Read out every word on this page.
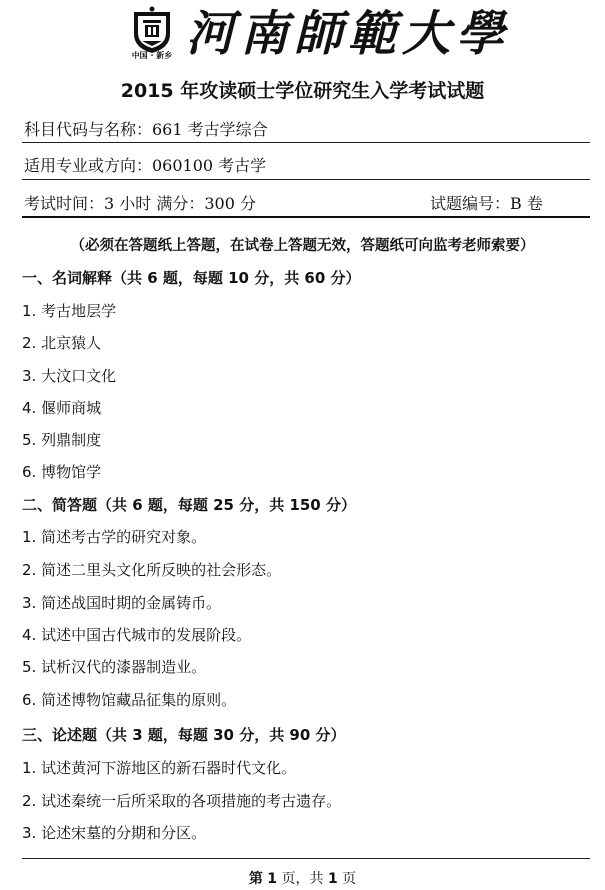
中国 · 新乡 河南師範大學
2015 年攻读硕士学位研究生入学考试试题
科目代码与名称：661 考古学综合
适用专业或方向：060100 考古学
考试时间：3 小时 满分：300 分	试题编号：B 卷
（必须在答题纸上答题，在试卷上答题无效，答题纸可向监考老师索要）
一、名词解释（共 6 题，每题 10 分，共 60 分）
1. 考古地层学
2. 北京猿人
3. 大汶口文化
4. 偃师商城
5. 列鼎制度
6. 博物馆学
二、简答题（共 6 题，每题 25 分，共 150 分）
1. 简述考古学的研究对象。
2. 简述二里头文化所反映的社会形态。
3. 简述战国时期的金属铸币。
4. 试述中国古代城市的发展阶段。
5. 试析汉代的漆器制造业。
6. 简述博物馆藏品征集的原则。
三、论述题（共 3 题，每题 30 分，共 90 分）
1. 试述黄河下游地区的新石器时代文化。
2. 试述秦统一后所采取的各项措施的考古遗存。
3. 论述宋墓的分期和分区。
第 1 页，共 1 页
